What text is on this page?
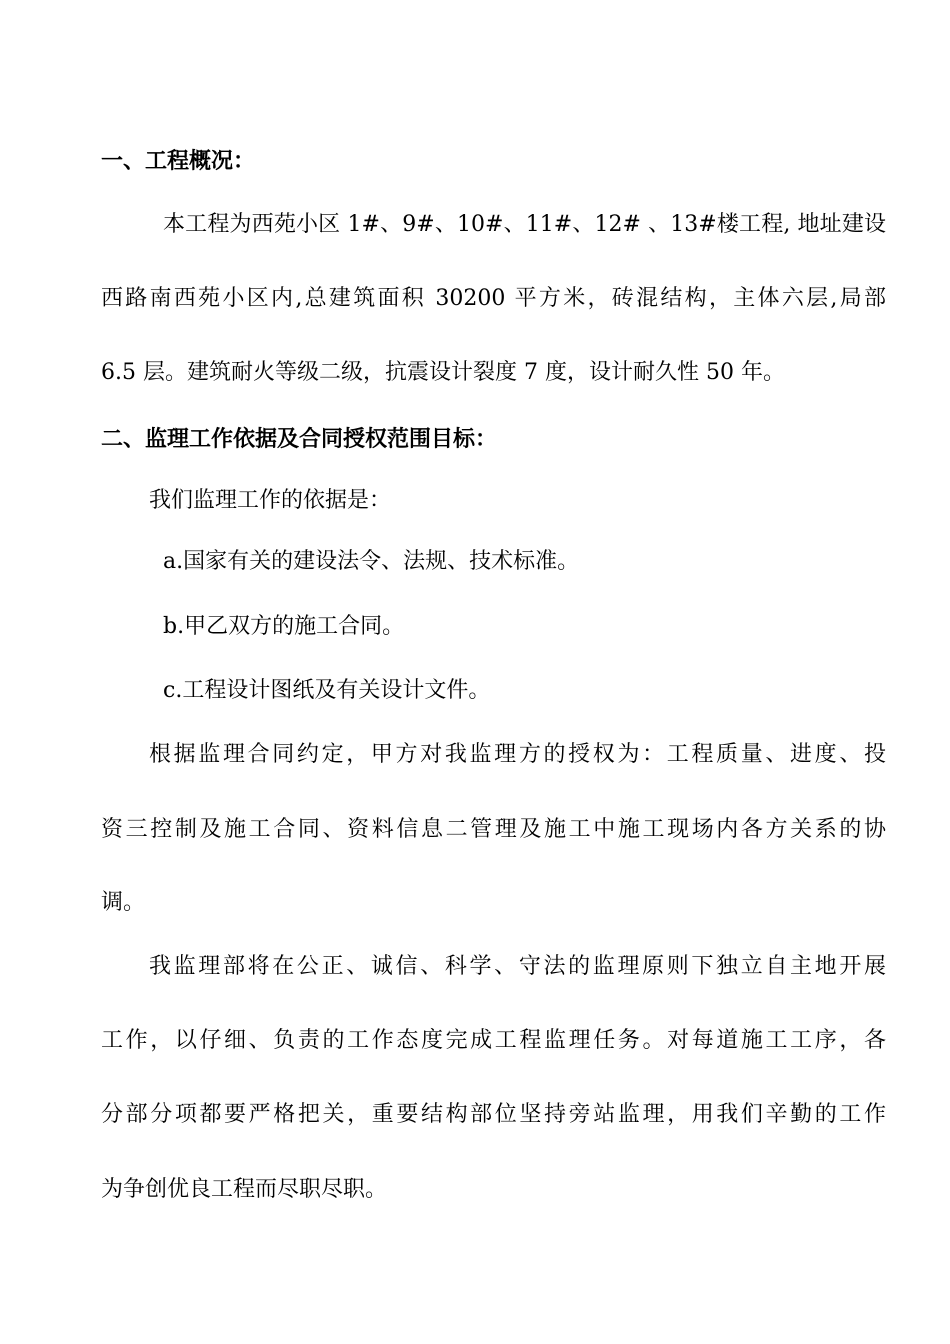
一、工程概况：
本工程为西苑小区 1#、9#、10#、11#、12# 、13#楼工程, 地址建设
西路南西苑小区内,总建筑面积 30200 平方米，砖混结构，主体六层,局部
6.5 层。建筑耐火等级二级，抗震设计裂度 7 度，设计耐久性 50 年。
二、监理工作依据及合同授权范围目标：
我们监理工作的依据是：
a.国家有关的建设法令、法规、技术标准。
b.甲乙双方的施工合同。
c.工程设计图纸及有关设计文件。
根据监理合同约定，甲方对我监理方的授权为：工程质量、进度、投
资三控制及施工合同、资料信息二管理及施工中施工现场内各方关系的协
调。
我监理部将在公正、诚信、科学、守法的监理原则下独立自主地开展
工作，以仔细、负责的工作态度完成工程监理任务。对每道施工工序，各
分部分项都要严格把关，重要结构部位坚持旁站监理，用我们辛勤的工作
为争创优良工程而尽职尽职。
